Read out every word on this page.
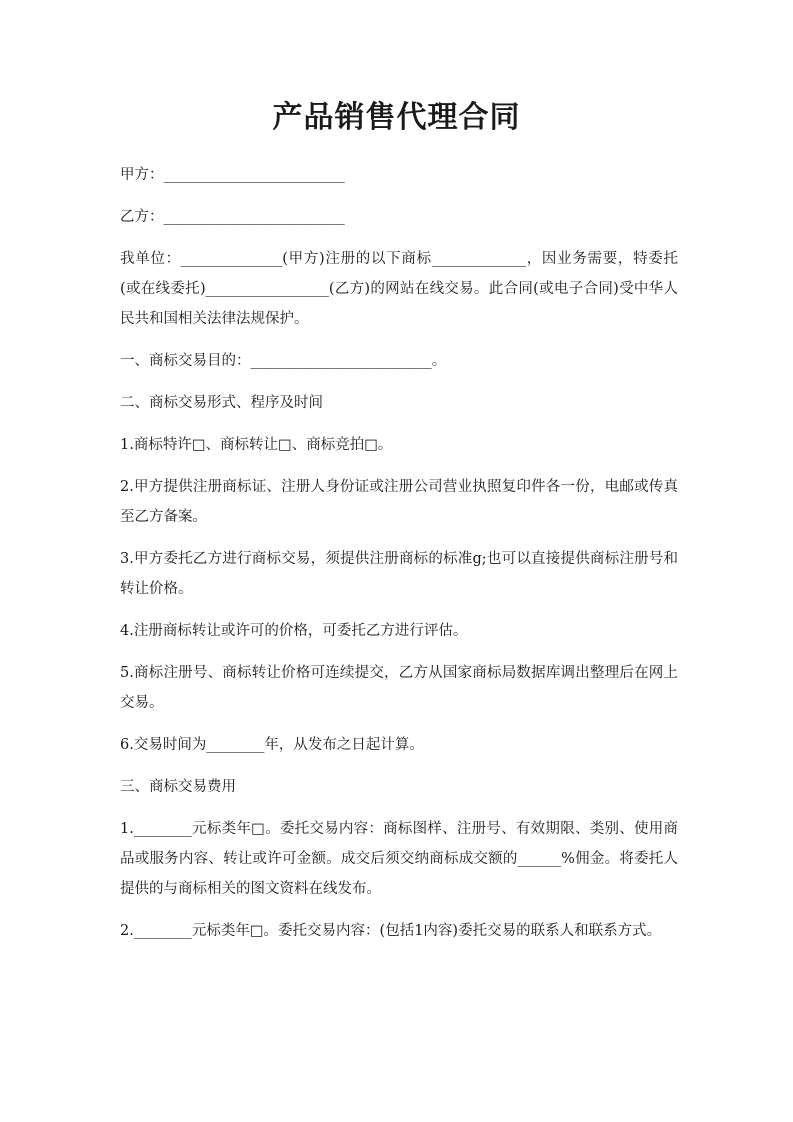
产品销售代理合同

甲方：_________________________

乙方：_________________________

我单位：______________(甲方)注册的以下商标_____________，因业务需要，特委托(或在线委托)_________________(乙方)的网站在线交易。此合同(或电子合同)受中华人民共和国相关法律法规保护。

一、商标交易目的：_________________________。

二、商标交易形式、程序及时间

1.商标特许□、商标转让□、商标竞拍□。

2.甲方提供注册商标证、注册人身份证或注册公司营业执照复印件各一份，电邮或传真至乙方备案。

3.甲方委托乙方进行商标交易，须提供注册商标的标准g;也可以直接提供商标注册号和转让价格。

4.注册商标转让或许可的价格，可委托乙方进行评估。

5.商标注册号、商标转让价格可连续提交，乙方从国家商标局数据库调出整理后在网上交易。

6.交易时间为________年，从发布之日起计算。

三、商标交易费用

1.________元标类年□。委托交易内容：商标图样、注册号、有效期限、类别、使用商品或服务内容、转让或许可金额。成交后须交纳商标成交额的______%佣金。将委托人提供的与商标相关的图文资料在线发布。

2.________元标类年□。委托交易内容：(包括1内容)委托交易的联系人和联系方式。
